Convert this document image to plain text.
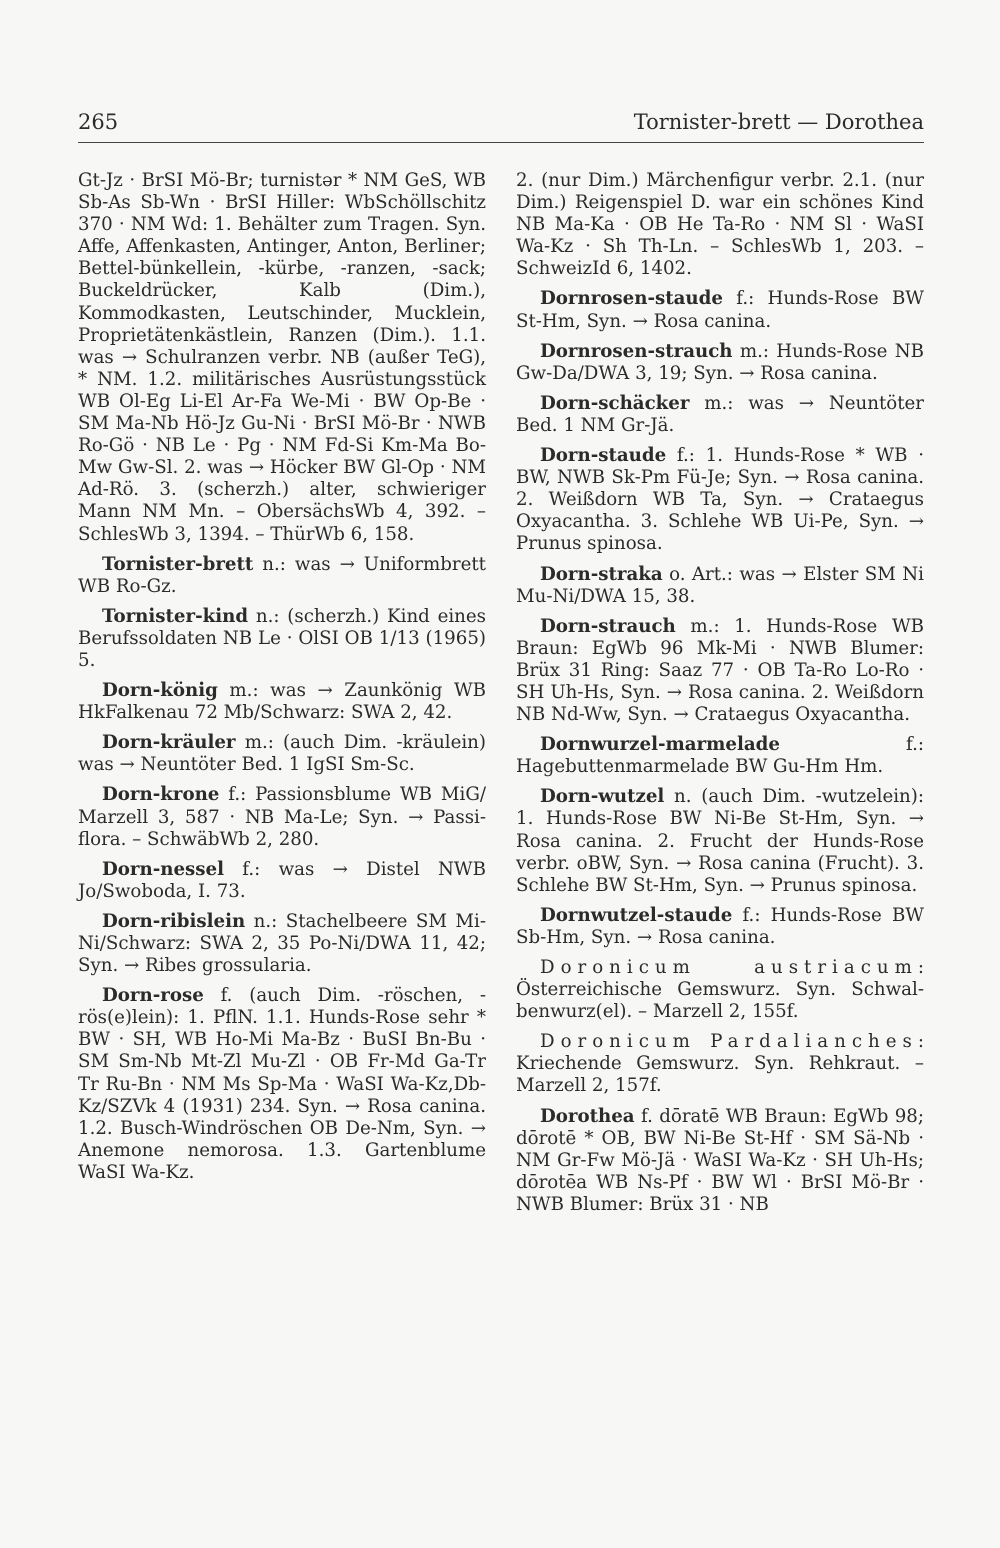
265	Tornister-brett — Dorothea

Gt-Jz · BrSI Mö-Br; turnistər * NM GeS, WB Sb-As Sb-Wn · BrSI Hiller: WbSchöllschitz 370 · NM Wd: 1. Behälter zum Tragen. Syn. Affe, Affenkasten, Antinger, Anton, Berliner; Bettel-bünkellein, -kürbe, -ranzen, -sack; Buckeldrücker, Kalb (Dim.), Kommodkasten, Leutschinder, Mucklein, Proprietätenkästlein, Ranzen (Dim.). 1.1. was → Schulranzen verbr. NB (außer TeG), * NM. 1.2. militärisches Ausrüstungsstück WB Ol-Eg Li-El Ar-Fa We-Mi · BW Op-Be · SM Ma-Nb Hö-Jz Gu-Ni · BrSI Mö-Br · NWB Ro-Gö · NB Le · Pg · NM Fd-Si Km-Ma Bo-Mw Gw-Sl. 2. was → Höcker BW Gl-Op · NM Ad-Rö. 3. (scherzh.) alter, schwieriger Mann NM Mn. – ObersächsWb 4, 392. – SchlesWb 3, 1394. – ThürWb 6, 158.

Tornister-brett n.: was → Uniformbrett WB Ro-Gz.

Tornister-kind n.: (scherzh.) Kind eines Berufssoldaten NB Le · OlSI OB 1/13 (1965) 5.

Dorn-könig m.: was → Zaunkönig WB HkFalkenau 72 Mb/Schwarz: SWA 2, 42.

Dorn-kräuler m.: (auch Dim. -kräulein) was → Neuntöter Bed. 1 IgSI Sm-Sc.

Dorn-krone f.: Passionsblume WB MiG/ Marzell 3, 587 · NB Ma-Le; Syn. → Passiflora. – SchwäbWb 2, 280.

Dorn-nessel f.: was → Distel NWB Jo/Swoboda, I. 73.

Dorn-ribislein n.: Stachelbeere SM Mi-Ni/Schwarz: SWA 2, 35 Po-Ni/DWA 11, 42; Syn. → Ribes grossularia.

Dorn-rose f. (auch Dim. -röschen, -rös(e)lein): 1. PflN. 1.1. Hunds-Rose sehr * BW · SH, WB Ho-Mi Ma-Bz · BuSI Bn-Bu · SM Sm-Nb Mt-Zl Mu-Zl · OB Fr-Md Ga-Tr Tr Ru-Bn · NM Ms Sp-Ma · WaSI Wa-Kz,Db-Kz/SZVk 4 (1931) 234. Syn. → Rosa canina. 1.2. Busch-Windröschen OB De-Nm, Syn. → Anemone nemorosa. 1.3. Gartenblume WaSI Wa-Kz.

2. (nur Dim.) Märchenfigur verbr. 2.1. (nur Dim.) Reigenspiel D. war ein schönes Kind NB Ma-Ka · OB He Ta-Ro · NM Sl · WaSI Wa-Kz · Sh Th-Ln. – SchlesWb 1, 203. – SchweizId 6, 1402.

Dornrosen-staude f.: Hunds-Rose BW St-Hm, Syn. → Rosa canina.

Dornrosen-strauch m.: Hunds-Rose NB Gw-Da/DWA 3, 19; Syn. → Rosa canina.

Dorn-schäcker m.: was → Neuntöter Bed. 1 NM Gr-Jä.

Dorn-staude f.: 1. Hunds-Rose * WB · BW, NWB Sk-Pm Fü-Je; Syn. → Rosa canina. 2. Weißdorn WB Ta, Syn. → Crataegus Oxyacantha. 3. Schlehe WB Ui-Pe, Syn. → Prunus spinosa.

Dorn-straka o. Art.: was → Elster SM Ni Mu-Ni/DWA 15, 38.

Dorn-strauch m.: 1. Hunds-Rose WB Braun: EgWb 96 Mk-Mi · NWB Blumer: Brüx 31 Ring: Saaz 77 · OB Ta-Ro Lo-Ro · SH Uh-Hs, Syn. → Rosa canina. 2. Weißdorn NB Nd-Ww, Syn. → Crataegus Oxyacantha.

Dornwurzel-marmelade f.: Hagebuttenmarmelade BW Gu-Hm Hm.

Dorn-wutzel n. (auch Dim. -wutzelein): 1. Hunds-Rose BW Ni-Be St-Hm, Syn. → Rosa canina. 2. Frucht der Hunds-Rose verbr. oBW, Syn. → Rosa canina (Frucht). 3. Schlehe BW St-Hm, Syn. → Prunus spinosa.

Dornwutzel-staude f.: Hunds-Rose BW Sb-Hm, Syn. → Rosa canina.

Doronicum austriacum: Österreichische Gemswurz. Syn. Schwalbenwurz(el). – Marzell 2, 155f.

Doronicum Pardalianches: Kriechende Gemswurz. Syn. Rehkraut. – Marzell 2, 157f.

Dorothea f. dōratē WB Braun: EgWb 98; dōrotē * OB, BW Ni-Be St-Hf · SM Sä-Nb · NM Gr-Fw Mö-Jä · WaSI Wa-Kz · SH Uh-Hs; dōrotēa WB Ns-Pf · BW Wl · BrSI Mö-Br · NWB Blumer: Brüx 31 · NB
